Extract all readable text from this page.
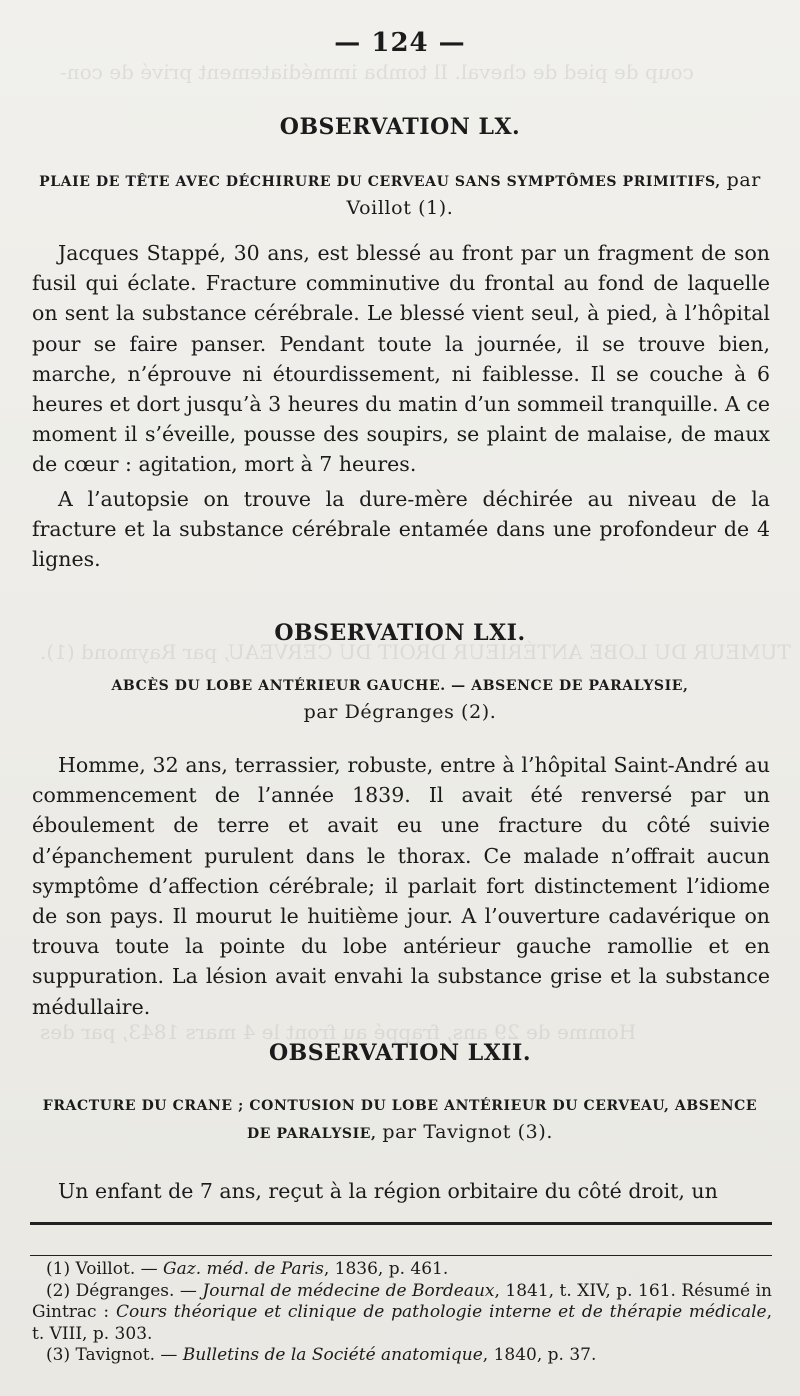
coup de pied de cheval. Il tomba immédiatement privé de con-
TUMEUR DU LOBE ANTÉRIEUR DROIT DU CERVEAU, par Raymond (1).
Homme de 29 ans, frappé au front le 4 mars 1843, par des
— 124 —
OBSERVATION LX.
PLAIE DE TÊTE AVEC DÉCHIRURE DU CERVEAU SANS SYMPTÔMES PRIMITIFS, par Voillot (1).

Jacques Stappé, 30 ans, est blessé au front par un fragment de son fusil qui éclate. Fracture comminutive du frontal au fond de laquelle on sent la substance cérébrale. Le blessé vient seul, à pied, à l’hôpital pour se faire panser. Pendant toute la journée, il se trouve bien, marche, n’éprouve ni étourdissement, ni faiblesse. Il se couche à 6 heures et dort jusqu’à 3 heures du matin d’un sommeil tranquille. A ce moment il s’éveille, pousse des soupirs, se plaint de malaise, de maux de cœur : agitation, mort à 7 heures.

A l’autopsie on trouve la dure-mère déchirée au niveau de la fracture et la substance cérébrale entamée dans une profondeur de 4 lignes.

OBSERVATION LXI.
ABCÈS DU LOBE ANTÉRIEUR GAUCHE. — ABSENCE DE PARALYSIE,
par Dégranges (2).

Homme, 32 ans, terrassier, robuste, entre à l’hôpital Saint-André au commencement de l’année 1839. Il avait été renversé par un éboulement de terre et avait eu une fracture du côté suivie d’épanchement purulent dans le thorax. Ce malade n’offrait aucun symptôme d’affection cérébrale; il parlait fort distinctement l’idiome de son pays. Il mourut le huitième jour. A l’ouverture cadavérique on trouva toute la pointe du lobe antérieur gauche ramollie et en suppuration. La lésion avait envahi la substance grise et la substance médullaire.

OBSERVATION LXII.
FRACTURE DU CRANE ; CONTUSION DU LOBE ANTÉRIEUR DU CERVEAU, ABSENCE DE PARALYSIE, par Tavignot (3).

Un enfant de 7 ans, reçut à la région orbitaire du côté droit, un

(1) Voillot. — Gaz. méd. de Paris, 1836, p. 461.

(2) Dégranges. — Journal de médecine de Bordeaux, 1841, t. XIV, p. 161. Résumé in Gintrac : Cours théorique et clinique de pathologie interne et de thérapie médicale, t. VIII, p. 303.

(3) Tavignot. — Bulletins de la Société anatomique, 1840, p. 37.
